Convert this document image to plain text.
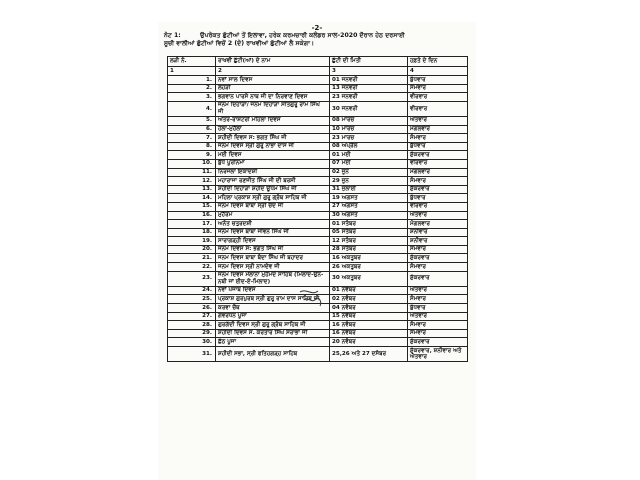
-2-
ਨੋਟ 1:	ਉਪਰੋਕਤ ਛੁੱਟੀਆਂ ਤੋਂ ਇਲਾਵਾ, ਹਰੇਕ ਕਰਮਚਾਰੀ ਕਲੰਡਰ ਸਾਲ-2020 ਦੌਰਾਨ ਹੇਠ ਦਰਸਾਈ
ਸੂਚੀ ਵਾਲੀਆਂ ਛੁੱਟੀਆਂ ਵਿਚੋਂ 2 (ਦੋ) ਰਾਖਵੀਆਂ ਛੁੱਟੀਆਂ ਲੈ ਸਕੇਗਾ।
ਲੜੀ ਨੰ.	ਰਾਖਵੀਂ ਛੁੱਟੀ(ਆਂ) ਦੇ ਨਾਮ	ਛੁੱਟੀ ਦੀ ਮਿਤੀ	ਹਫ਼ਤੇ ਦੇ ਦਿਨ
1	2	3	4
1.	ਨਵਾਂ ਸਾਲ ਦਿਵਸ	01 ਜਨਵਰੀ	ਬੁੱਧਵਾਰ
2.	ਲੋਹੜੀ	13 ਜਨਵਰੀ	ਸੋਮਵਾਰ
3.	ਭਗਵਾਨ ਪਾਰਸੋ ਨਾਥ ਜੀ ਦਾ ਨਿਰਵਾਣ ਦਿਵਸ	23 ਜਨਵਰੀ	ਵੀਰਵਾਰ
4.	ਜਨਮ ਦਿਹਾੜਾ/ ਜਨਮ ਦਿਹਾੜਾ ਸਤਿਗੁਰੂ ਰਾਮ ਸਿੰਘ ਜੀ	30 ਜਨਵਰੀ	ਵੀਰਵਾਰ
5.	ਅੰਤਰ-ਰਾਸ਼ਟਰੀ ਮਹਿਲਾ ਦਿਵਸ	08 ਮਾਰਚ	ਐਤਵਾਰ
6.	ਹੋਲਾ-ਮੁਹੱਲਾ	10 ਮਾਰਚ	ਮੰਗਲਵਾਰ
7.	ਸ਼ਹੀਦੀ ਦਿਵਸ ਸ: ਭਗਤ ਸਿੰਘ ਜੀ	23 ਮਾਰਚ	ਸੋਮਵਾਰ
8.	ਜਨਮ ਦਿਵਸ ਸ੍ਰੀ ਗੁਰੂ ਨਾਭਾ ਦਾਸ ਜੀ	08 ਅਪ੍ਰੈਲ	ਬੁੱਧਵਾਰ
9.	ਮਈ ਦਿਵਸ	01 ਮਈ	ਸ਼ੁੱਕਰਵਾਰ
10.	ਬੁੱਧ ਪੂਰਨਿਮਾ	07 ਮਈ	ਵੀਰਵਾਰ
11.	ਨਿਰਜਲਾ ਇਕਾਦਸ਼ੀ	02 ਜੂਨ	ਮੰਗਲਵਾਰ
12.	ਮਹਾਰਾਜਾ ਰਣਜੀਤ ਸਿੰਘ ਜੀ ਦੀ ਬਰਸੀ	29 ਜੂਨ	ਸੋਮਵਾਰ
13.	ਸ਼ਹੀਦੀ ਦਿਹਾੜਾ ਸ਼ਹੀਦ ਊਧਮ ਸਿੰਘ ਜੀ	31 ਜੁਲਾਈ	ਸ਼ੁੱਕਰਵਾਰ
14.	ਮਹਿਲਾ ਪ੍ਰਕਾਸ਼ ਸ੍ਰੀ ਗੁਰੂ ਗ੍ਰੰਥ ਸਾਹਿਬ ਜੀ	19 ਅਗਸਤ	ਬੁੱਧਵਾਰ
15.	ਜਨਮ ਦਿਵਸ ਬਾਬਾ ਸ੍ਰੀ ਚੰਦ ਜੀ	27 ਅਗਸਤ	ਵੀਰਵਾਰ
16.	ਮੁਹੱਰਮ	30 ਅਗਸਤ	ਐਤਵਾਰ
17.	ਅਨੰਤ ਚਤੁਰਦਸ਼ੀ	01 ਸਤੰਬਰ	ਮੰਗਲਵਾਰ
18.	ਜਨਮ ਦਿਵਸ ਬਾਬਾ ਜੀਵਨ ਸਿੰਘ ਜੀ	05 ਸਤੰਬਰ	ਸ਼ਨੀਵਾਰ
19.	ਸਾਰਾਗੜ੍ਹੀ ਦਿਵਸ	12 ਸਤੰਬਰ	ਸ਼ਨੀਵਾਰ
20.	ਜਨਮ ਦਿਵਸ ਸ: ਭਗਤ ਸਿੰਘ ਜੀ	28 ਸਤੰਬਰ	ਸੋਮਵਾਰ
21.	ਜਨਮ ਦਿਵਸ ਬਾਬਾ ਬੰਦਾ ਸਿੰਘ ਜੀ ਬਹਾਦਰ	16 ਅਕਤੂਬਰ	ਸ਼ੁੱਕਰਵਾਰ
22.	ਜਨਮ ਦਿਵਸ ਸ੍ਰੀ ਨਾਮਦੇਵ ਜੀ	26 ਅਕਤੂਬਰ	ਸੋਮਵਾਰ
23.	ਜਨਮ ਦਿਵਸ ਮੌਲਾਨਾ ਮੁਹੰਮਦ ਸਾਹਿਬ (ਮਿਲਾਦ-ਉਨ-ਨਬੀ ਜਾਂ ਈਦ-ਏ-ਮਿਲਾਦ)	30 ਅਕਤੂਬਰ	ਸ਼ੁੱਕਰਵਾਰ
24.	ਨਵਾਂ ਪੰਜਾਬ ਦਿਵਸ	01 ਨਵੰਬਰ	ਐਤਵਾਰ
25.	ਪ੍ਰਕਾਸ਼ ਗੁਰਪੁਰਬ ਸ੍ਰੀ ਗੁਰੂ ਰਾਮ ਦਾਸ ਸਾਹਿਬ ਜੀ	02 ਨਵੰਬਰ	ਸੋਮਵਾਰ
26.	ਕਰਵਾ ਚੌਥ	04 ਨਵੰਬਰ	ਬੁੱਧਵਾਰ
27.	ਗੋਵਰਧਨ ਪੂਜਾ	15 ਨਵੰਬਰ	ਐਤਵਾਰ
28.	ਗੁਰਗੱਦੀ ਦਿਵਸ ਸ੍ਰੀ ਗੁਰੂ ਗ੍ਰੰਥ ਸਾਹਿਬ ਜੀ	16 ਨਵੰਬਰ	ਸੋਮਵਾਰ
29.	ਸ਼ਹੀਦੀ ਦਿਵਸ ਸ. ਕਰਤਾਰ ਸਿੰਘ ਸਰਾਭਾ ਜੀ	16 ਨਵੰਬਰ	ਸੋਮਵਾਰ
30.	ਛੱਠ ਪੂਜਾ	20 ਨਵੰਬਰ	ਸ਼ੁੱਕਰਵਾਰ
31.	ਸ਼ਹੀਦੀ ਸਭਾ, ਸ੍ਰੀ ਫਤਿਹਗੜ੍ਹ ਸਾਹਿਬ	25,26 ਅਤੇ 27 ਦਸੰਬਰ	ਸ਼ੁੱਕਰਵਾਰ, ਸ਼ਨੀਵਾਰ ਅਤੇ ਐਤਵਾਰ
